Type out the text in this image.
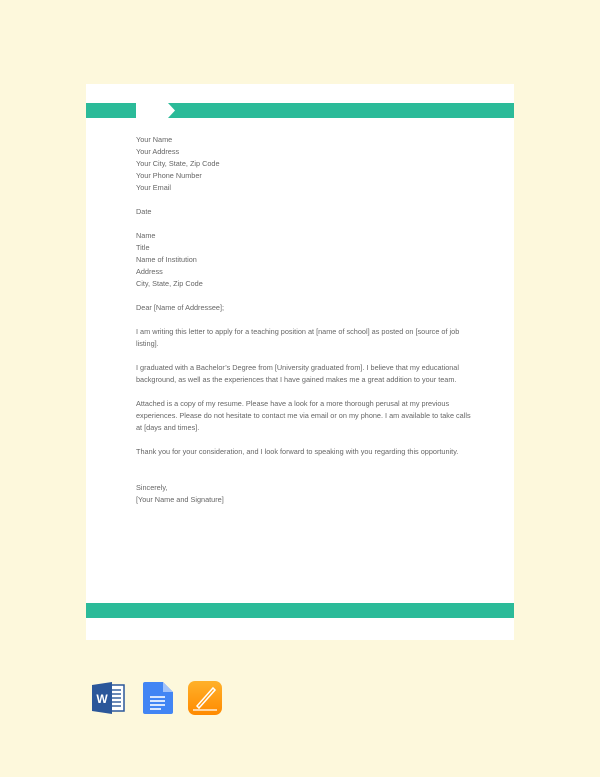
Your Name
Your Address
Your City, State, Zip Code
Your Phone Number
Your Email
Date
Name
Title
Name of Institution
Address
City, State, Zip Code
Dear [Name of Addressee];
I am writing this letter to apply for a teaching position at [name of school] as posted on [source of job
listing].
I graduated with a Bachelor’s Degree from [University graduated from]. I believe that my educational
background, as well as the experiences that I have gained makes me a great addition to your team.
Attached is a copy of my resume. Please have a look for a more thorough perusal at my previous
experiences. Please do not hesitate to contact me via email or on my phone. I am available to take calls
at [days and times].
Thank you for your consideration, and I look forward to speaking with you regarding this opportunity.
Sincerely,
[Your Name and Signature]
W
